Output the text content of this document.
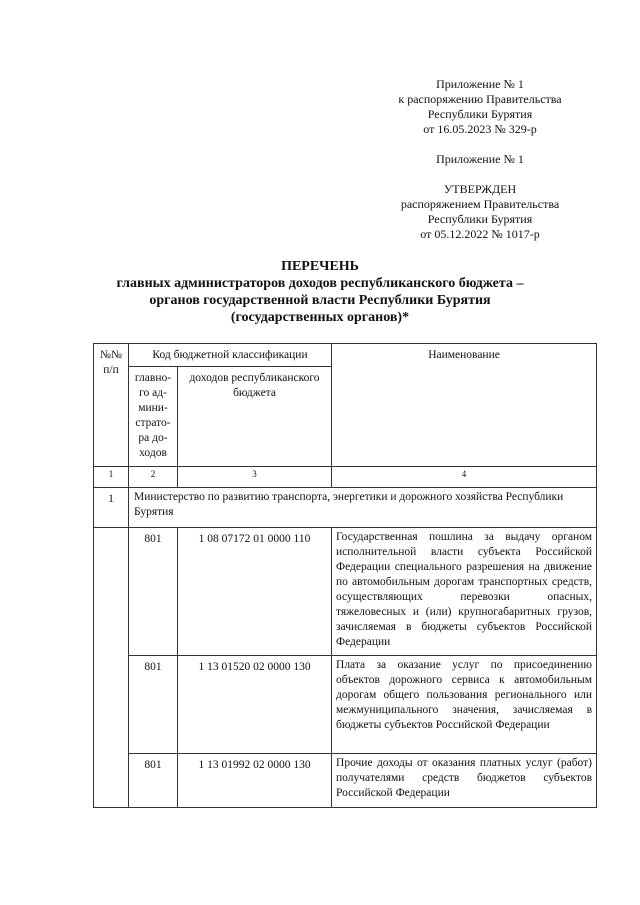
Приложение № 1
к распоряжению Правительства
Республики Бурятия
от 16.05.2023 № 329-р
Приложение № 1
УТВЕРЖДЕН
распоряжением Правительства
Республики Бурятия
от 05.12.2022 № 1017-р
ПЕРЕЧЕНЬ
главных администраторов доходов республиканского бюджета –
органов государственной власти Республики Бурятия
(государственных органов)*
№№ п/п	Код бюджетной классификации		Наименование
	главно-го ад-мини-страто-ра до-ходов	доходов республиканского бюджета	
1	2	3	4
1	Министерство по развитию транспорта, энергетики и дорожного хозяйства Республики Бурятия		
	801	1 08 07172 01 0000 110	Государственная пошлина за выдачу органом исполнительной власти субъекта Российской Федерации специального разрешения на движение по автомобильным дорогам транспортных средств, осуществляющих перевозки опасных, тяжеловесных и (или) крупногабаритных грузов, зачисляемая в бюджеты субъектов Российской Федерации
	801	1 13 01520 02 0000 130	Плата за оказание услуг по присоединению объектов дорожного сервиса к автомобильным дорогам общего пользования регионального или межмуниципального значения, зачисляемая в бюджеты субъектов Российской Федерации
	801	1 13 01992 02 0000 130	Прочие доходы от оказания платных услуг (работ) получателями средств бюджетов субъектов Российской Федерации
